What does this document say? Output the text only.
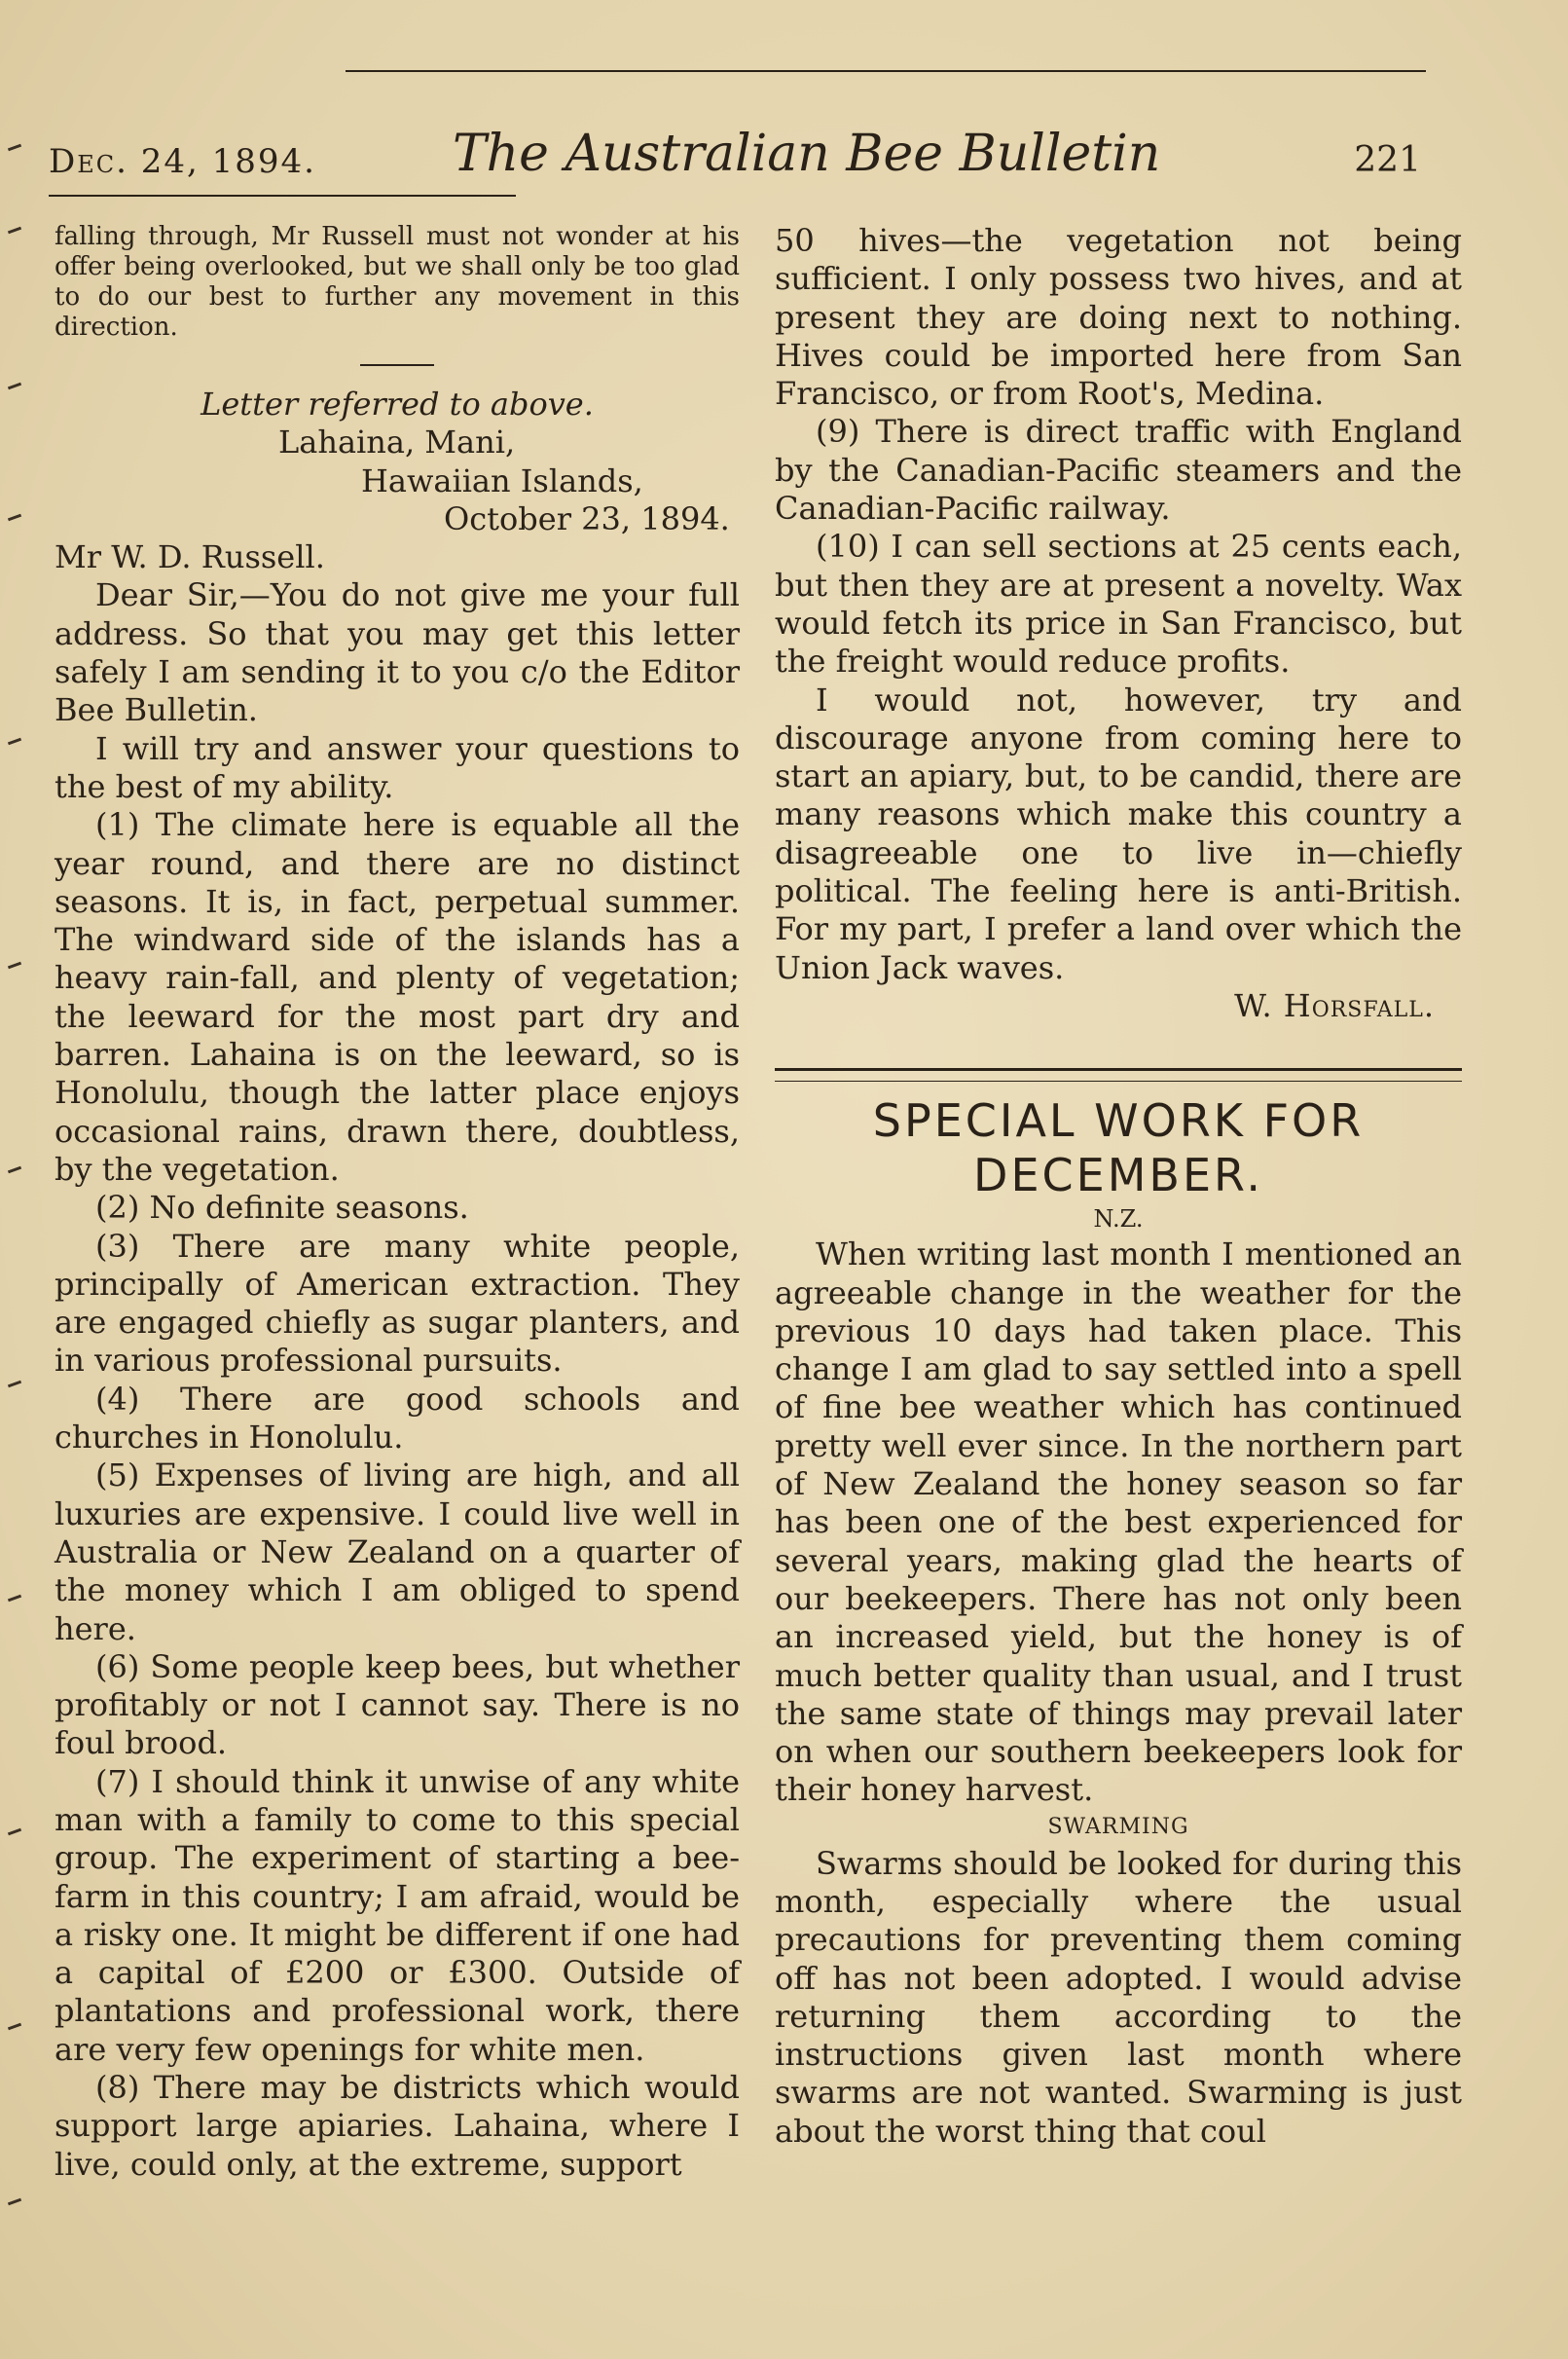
Dec. 24, 1894.	The Australian Bee Bulletin	221

falling through, Mr Russell must not wonder at his offer being overlooked, but we shall only be too glad to do our best to further any movement in this direction.

Letter referred to above.

Lahaina, Mani,

Hawaiian Islands,

October 23, 1894.

Mr W. D. Russell.

Dear Sir,—You do not give me your full address. So that you may get this letter safely I am sending it to you c/o the Editor Bee Bulletin.

I will try and answer your questions to the best of my ability.

(1) The climate here is equable all the year round, and there are no distinct seasons. It is, in fact, perpetual summer. The windward side of the islands has a heavy rain-fall, and plenty of vegetation; the leeward for the most part dry and barren. Lahaina is on the leeward, so is Honolulu, though the latter place enjoys occasional rains, drawn there, doubtless, by the vegetation.

(2) No definite seasons.

(3) There are many white people, principally of American extraction. They are engaged chiefly as sugar planters, and in various professional pursuits.

(4) There are good schools and churches in Honolulu.

(5) Expenses of living are high, and all luxuries are expensive. I could live well in Australia or New Zealand on a quarter of the money which I am obliged to spend here.

(6) Some people keep bees, but whether profitably or not I cannot say. There is no foul brood.

(7) I should think it unwise of any white man with a family to come to this special group. The experiment of starting a bee-farm in this country; I am afraid, would be a risky one. It might be different if one had a capital of £200 or £300. Outside of plantations and professional work, there are very few openings for white men.

(8) There may be districts which would support large apiaries. Lahaina, where I live, could only, at the extreme, support

50 hives—the vegetation not being sufficient. I only possess two hives, and at present they are doing next to nothing. Hives could be imported here from San Francisco, or from Root's, Medina.

(9) There is direct traffic with England by the Canadian-Pacific steamers and the Canadian-Pacific railway.

(10) I can sell sections at 25 cents each, but then they are at present a novelty. Wax would fetch its price in San Francisco, but the freight would reduce profits.

I would not, however, try and discourage anyone from coming here to start an apiary, but, to be candid, there are many reasons which make this country a disagreeable one to live in—chiefly political. The feeling here is anti-British. For my part, I prefer a land over which the Union Jack waves.

W. Horsfall.

SPECIAL WORK FOR
DECEMBER.

N.Z.

When writing last month I mentioned an agreeable change in the weather for the previous 10 days had taken place. This change I am glad to say settled into a spell of fine bee weather which has continued pretty well ever since. In the northern part of New Zealand the honey season so far has been one of the best experienced for several years, making glad the hearts of our beekeepers. There has not only been an increased yield, but the honey is of much better quality than usual, and I trust the same state of things may prevail later on when our southern beekeepers look for their honey harvest.

SWARMING

Swarms should be looked for during this month, especially where the usual precautions for preventing them coming off has not been adopted. I would advise returning them according to the instructions given last month where swarms are not wanted. Swarming is just about the worst thing that coul
